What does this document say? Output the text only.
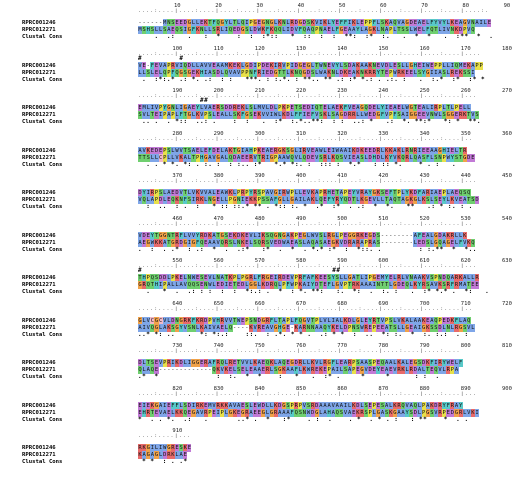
10	20	30	40	50	60	70	80	90
....:....|....:....|....:....|....:....|....:....|....:....|....:....|....:....|....:.
RPRC001246	------MNSEEDGLLEKTFQGYLTLQIPGEGNGLKNLRDGDSKVIKLYEFFIKLEPPFLSKAQVAGDEAELFYVYLKEAGVNAILE
RPRC012271	MSHSLLSAEQSIGFKNLLSRLIQEDGSLDWKFKQQLIDVFQAQPNAELFGEAAYLAGKLNAPLTSSLWELFQTLIVNKDPVQ
Clustal Cons	.  .:   .   :  *    :  :  :*::   *  ::  :  :  **:  :*  :.   .  *  *   .  :**  *  .
100	110	120	130	140	150	160	170	180
....:....|....:....|....:....|....:....|....:....|....:....|....:....|....:....|....
#         #
RPRC001246	VE-FEVAPRVIQDLLAVVEAAMKEKLGDIPDEKIRVPIDGEGLTWNEVYLSDAKAAKNEVDLESLLGHEIWEPPLLIQMEKAPP
RPRC012271	LLSLELQPFQGSGEKHIASDLQVAVPPNFRIEDGTTLKNQGDSLWAKNLDKEAKNKRRYTEPWRKEELSYGIIASLREKSSI
Clustal Cons	.  :*:.* .: *. .:  : :   ***. : :.*. : **.. ** .: :* *.: . .:. :   .  :.*  :*  :* *
190	200	210	220	230	240	250	260	270
....:....|....:....|....:....|....:....|....:....|....:....|....:....|....:....|...
##
RPRC001246	EMLIVPYGNLIGAEYLVAERSDDREKLSLMVLDLPKPETSEDIQTELAEKFVEAGQDELYIEAELWGTEALIRPLTLPELL
RPRC012271	SVLTEIPAPLFTGLKVPSLEALLSKFGSEKVVIWLKDLFFIEFVSKLSAGDRRLLWEDGFVPFSAIGGEEVNWLSGGERKTVS
Clustal Cons	.. .  . *::  ..: .    :  :   .  :*  :.*..**:  : :  ..: *   .:  *. **:*   *: *  **.
280	290	300	310	320	330	340	350	360
....:....|....:....|....:....|....:....|....:....|....:....|....:....|....:....|..
RPRC001246	AVKEDEPSLWVTSAELEFDELAKTGIAHPKEAERGKSGLIRVEAWLEIWAAIKDKEEDRLKKAKLRNRIEEAAGHIELTR
RPRC012271	TTSLLCPLLVKALTPHGAVGALQDAEERVTRIGPAAWQVLQDEVSRLKQSVIEASLDHDLKYVKQRLQASFLSNPWYSTGDE
Clustal Cons	. . * *. *: . :. :  : :.. :*   *.* *:. :  ::: :  *.*   : :: *.    * . :   .
370	380	390	400	410	420	430	440	450
....:....|....:....|....:....|....:....|....:....|....:....|....:....|....:....|...
RPRC001246	DYIRPSLAEDVTLVKVVALEAWKLPRPYRSPAVGIRWPLLEVKAPRHETAPEYVRAYGKSEFTPLYKDFARIAEPLAEQSQ
RPRC012271	VQLAPDLEQKNFSIRKLNGELLPGNIEKKPSSAFGLLGAILAKLQEFYRYQDTLKGEVLLTAQTAGKGLKSLSEYLKVEATSD
Clustal Cons	:  ..  : .  :   * :: ::.* ** . *:: :. *  .*  :*  . .:  *  *.   **   .: * :. : .
460	470	480	490	500	510	520	530	540
....:....|....:....|....:....|....:....|....:....|....:....|....:....|....:....|..
RPRC001246	VDEYTGGNTRFLVVYRDKATGSEKDKEVLIKSQGNGAKPEGLWVSLRGLPEGGRKEGDS--------AFEALGDAKRLLK
RPRC012271	AEGWKKATGRDGIGFQEAAVQRSLNKELSQRSVEDWAEASLAQASAEGKVDRARAPRAS--------LEDSLGQAGELFVKQ
Clustal Cons	.  :  . .*  : .:  *  .  .:*   :*  .  *  . *.* :*  :  *::. .         : :.**  *  *..
550	560	570	580	590	600	610	620	630
....:....|....:....|....:....|....:....|....:....|....:....|....:....|....:....|...
#                                              ##
RPRC001246	THPQSDDLPKELNWESEVLNATKPLPGRLFRGEIRDEVPRFAFKEESYSLLGATLIPGEMYELRLVNAAKVSPNDQARKALLR
RPRC012271	GRQTHIPALLAVQQSENWLEDIETEDLGGLKDRQLPFWPKAIYDTEFLGVPTRKAAAINTTLGDEQLKYRSAVKSRFRMATEE
Clustal Cons	.   *  .  .: : :  :  :  *:.: .  *  : *. **:   :.  *:  .  :. :   .  :* *.* .  *:   .
640	650	660	670	680	690	700	710	720
....:....|....:....|....:....|....:....|....:....|....:....|....:....|....:....|..
RPRC001246	GLVCGCVLDNGRKFKRDPVHRVVTWEPSNDGRFLTAPLFQGVTPLVLIALKDLGLEYRTVPSLVKALAAKEAQPEDKFLAQ
RPRC012271	AIVQGLAKSGYVSNLKAIVAELQ----KVREAVGHGE-KARNNAAQYKELDPNSWREPEEATSLLGEAIGKSSDLNLRGSVL
Clustal Cons	..* *: ..   .  *: *:.:    ::.  : .*. * * .  .: * *  :  ..  *: :.  *  :. :.:  . :
730	740	750	760	770	780	790	800	810
....:....|....:....|....:....|....:....|....:....|....:....|....:....|....:....
RPRC001246	DLTSEVPRIKDLIGGERAFRQLRETVVLKAEQKLAQEGDRLLKVLRGFLEARPSAASPEQAALKALEGSDKFIRYWELF
RPRC012271	QLAQE-------------QKVKELSELEAAERLSGKAAFLKWREKEPAILSAPEGVDEYEAEVRKLRDALTEQVLRPA
Clustal Cons	.*  *              :  :.  *  *    :   *   .  :* .     *     *      : :  .
820	830	840	850	860	870	880	890	900
....:....|....:....|....:....|....:....|....:....|....:....|....:....|....:....|...
RPRC001246	EIEKGAIEFFLSDIRKEMVRKKAVAESLEWDLLKDGSPRPVSRDAAAVAAILKDLSEPESALKRQVAQLPAKDRYFRAY
RPRC012271	EHRTEVAELKKQEGAVRPEIPLGKEGRAEEGLGRAAAFQSNWDGLAHAQSVAEKRSPLGASKGAAYSDLPGSVRPEDGRLVKI
Clustal Cons	*  . . *.  .:   .       ..* .  *   :*    . :  .    . *  . * . :   : **    *  . .
910
....:....|...
RPRC001246	RKGILIWGRESKE
RPRC012271	KAGAGLDRKLAE
Clustal Cons	* *  : . .*
